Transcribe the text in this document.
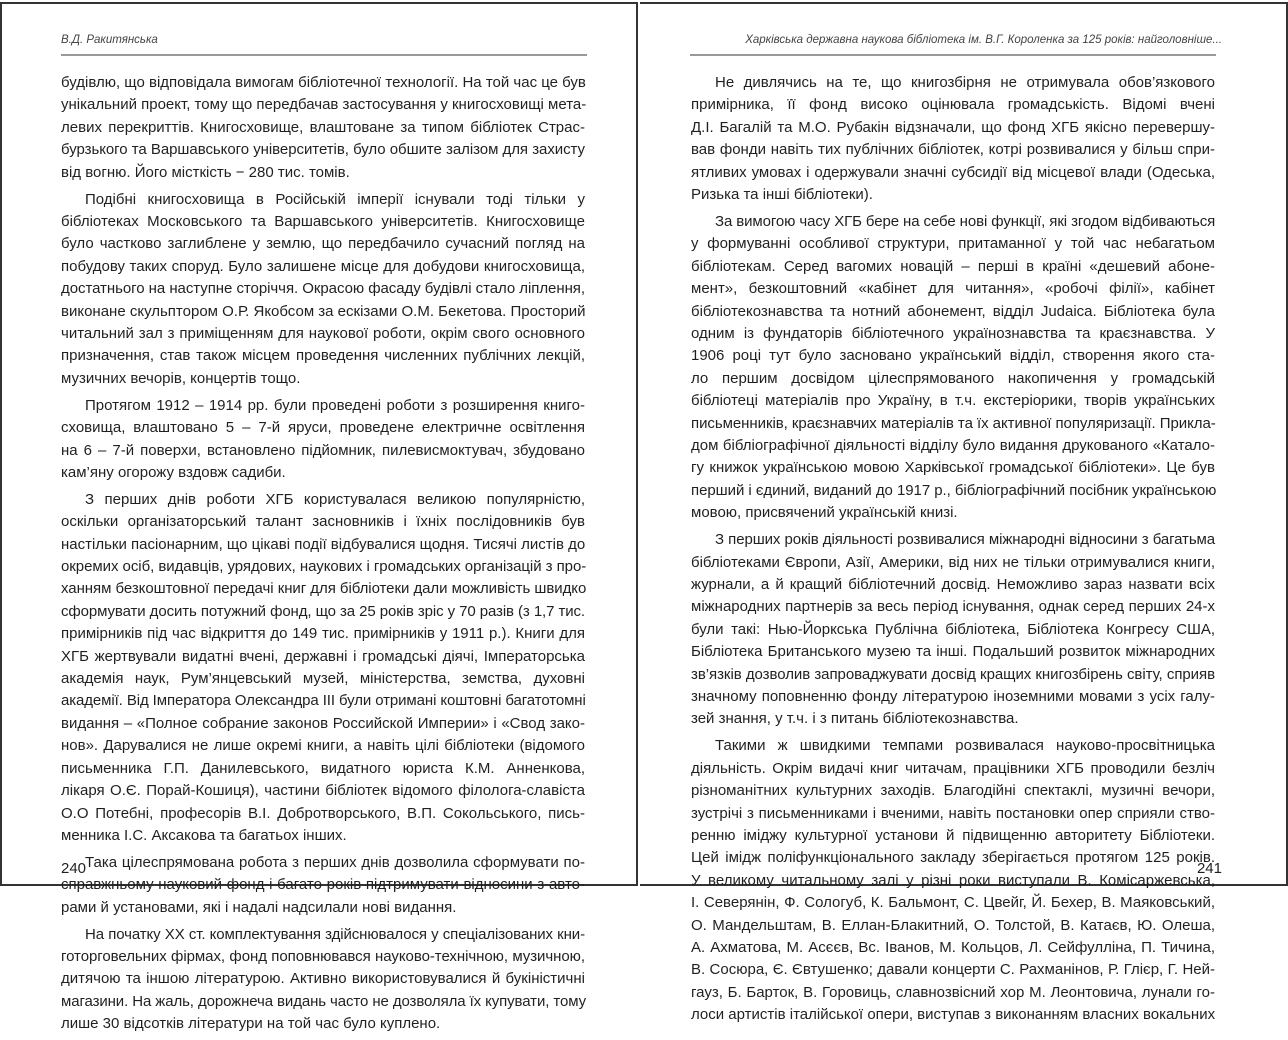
В.Д. Ракитянська
будівлю, що відповідала вимогам бібліотечної технології. На той час це був
унікальний проект, тому що передбачав застосування у книгосховищі мета-
левих перекриттів. Книгосховище, влаштоване за типом бібліотек Страс-
бурзького та Варшавського університетів, було обшите залізом для захисту
від вогню. Його місткість − 280 тис. томів.
Подібні книгосховища в Російській імперії існували тоді тільки у
бібліотеках Московського та Варшавського університетів. Книгосховище
було частково заглиблене у землю, що передбачило сучасний погляд на
побудову таких споруд. Було залишене місце для добудови книгосховища,
достатнього на наступне сторіччя. Окрасою фасаду будівлі стало ліплення,
виконане скульптором О.Р. Якобсом за ескізами О.М. Бекетова. Просторий
читальний зал з приміщенням для наукової роботи, окрім свого основного
призначення, став також місцем проведення численних публічних лекцій,
музичних вечорів, концертів тощо.
Протягом 1912 – 1914 рр. були проведені роботи з розширення книго-
сховища, влаштовано 5 – 7-й яруси, проведене електричне освітлення
на 6 – 7-й поверхи, встановлено підйомник, пилевисмоктувач, збудовано
кам’яну огорожу вздовж садиби.
З перших днів роботи ХГБ користувалася великою популярністю,
оскільки організаторський талант засновників і їхніх послідовників був
настільки пасіонарним, що цікаві події відбувалися щодня. Тисячі листів до
окремих осіб, видавців, урядових, наукових і громадських організацій з про-
ханням безкоштовної передачі книг для бібліотеки дали можливість швидко
сформувати досить потужний фонд, що за 25 років зріс у 70 разів (з 1,7 тис.
примірників під час відкриття до 149 тис. примірників у 1911 р.). Книги для
ХГБ жертвували видатні вчені, державні і громадські діячі, Імператорська
академія наук, Рум’янцевський музей, міністерства, земства, духовні
академії. Від Імператора Олександра III були отримані коштовні багатотомні
видання – «Полное собрание законов Российской Империи» і «Свод зако-
нов». Дарувалися не лише окремі книги, а навіть цілі бібліотеки (відомого
письменника Г.П. Данилевського, видатного юриста К.М. Анненкова,
лікаря О.Є. Порай-Кошиця), частини бібліотек відомого філолога-славіста
О.О Потебні, професорів В.І. Добротворського, В.П. Сокольського, пись-
менника І.С. Аксакова та багатьох інших.
Така цілеспрямована робота з перших днів дозволила сформувати по-
справжньому науковий фонд і багато років підтримувати відносини з авто-
рами й установами, які і надалі надсилали нові видання.
На початку ХХ ст. комплектування здійснювалося у спеціалізованих кни-
готорговельних фірмах, фонд поповнювався науково-технічною, музичною,
дитячою та іншою літературою. Активно використовувалися й букіністичні
магазини. На жаль, дорожнеча видань часто не дозволяла їх купувати, тому
лише 30 відсотків літератури на той час було куплено.
240
Харківська державна наукова бібліотека ім. В.Г. Короленка за 125 років: найголовніше...
Не дивлячись на те, що книгозбірня не отримувала обов’язкового
примірника, її фонд високо оцінювала громадськість. Відомі вчені
Д.І. Багалій та М.О. Рубакін відзначали, що фонд ХГБ якісно перевершу-
вав фонди навіть тих публічних бібліотек, котрі розвивалися у більш спри-
ятливих умовах і одержували значні субсидії від місцевої влади (Одеська,
Ризька та інші бібліотеки).
За вимогою часу ХГБ бере на себе нові функції, які згодом відбиваються
у формуванні особливої структури, притаманної у той час небагатьом
бібліотекам. Серед вагомих новацій – перші в країні «дешевий абоне-
мент», безкоштовний «кабінет для читання», «робочі філії», кабінет
бібліотекознавства та нотний абонемент, відділ Judaica. Бібліотека була
одним із фундаторів бібліотечного українознавства та краєзнавства. У
1906 році тут було засновано український відділ, створення якого ста-
ло першим досвідом цілеспрямованого накопичення у громадській
бібліотеці матеріалів про Україну, в т.ч. екстеріорики, творів українських
письменників, краєзнавчих матеріалів та їх активної популяризації. Прикла-
дом бібліографічної діяльності відділу було видання друкованого «Катало-
гу книжок українською мовою Харківської громадської бібліотеки». Це був
перший і єдиний, виданий до 1917 р., бібліографічний посібник українською
мовою, присвячений українській книзі.
З перших років діяльності розвивалися міжнародні відносини з багатьма
бібліотеками Європи, Азії, Америки, від них не тільки отримувалися книги,
журнали, а й кращий бібліотечний досвід. Неможливо зараз назвати всіх
міжнародних партнерів за весь період існування, однак серед перших 24-х
були такі: Нью-Йоркська Публічна бібліотека, Бібліотека Конгресу США,
Бібліотека Британського музею та інші. Подальший розвиток міжнародних
зв’язків дозволив запроваджувати досвід кращих книгозбірень світу, сприяв
значному поповненню фонду літературою іноземними мовами з усіх галу-
зей знання, у т.ч. і з питань бібліотекознавства.
Такими ж швидкими темпами розвивалася науково-просвітницька
діяльність. Окрім видачі книг читачам, працівники ХГБ проводили безліч
різноманітних культурних заходів. Благодійні спектаклі, музичні вечори,
зустрічі з письменниками і вченими, навіть постановки опер сприяли ство-
ренню іміджу культурної установи й підвищенню авторитету Бібліотеки.
Цей імідж поліфункціонального закладу зберігається протягом 125 років.
У великому читальному залі у різні роки виступали В. Комісаржевська,
І. Северянін, Ф. Сологуб, К. Бальмонт, С. Цвейг, Й. Бехер, В. Маяковський,
О. Мандельштам, В. Еллан-Блакитний, О. Толстой, В. Катаєв, Ю. Олеша,
А. Ахматова, М. Асєєв, Вс. Іванов, М. Кольцов, Л. Сейфулліна, П. Тичина,
В. Сосюра, Є. Євтушенко; давали концерти С. Рахманінов, Р. Глієр, Г. Ней-
гауз, Б. Барток, В. Горовиць, славнозвісний хор М. Леонтовича, лунали го-
лоси артистів італійської опери, виступав з виконанням власних вокальних
241
